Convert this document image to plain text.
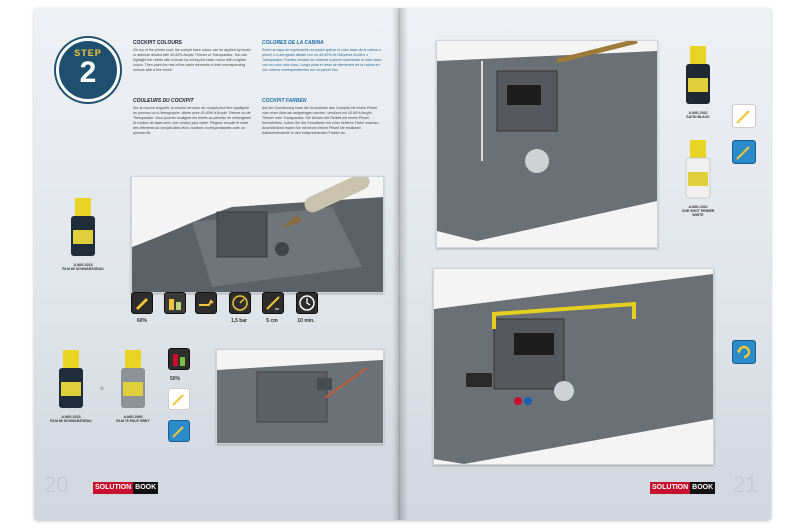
STEP
2
COCKPIT COLOURS
On top of the primer coat, the cockpit base colour can be applied by brush or airbrush diluted with 40-60% Acrylic Thinner or Transparator. You can highlight the reliefs with a brush by mixing the base colour with a lighter colour. Then paint the rest of the cabin elements in their corresponding colours with a fine brush.
COLORES DE LA CABINA
Sobre la capa de imprimación se podrá aplicar el color base de la cabina a pincel, o a aerógrafo diluido con un 40-60% de Diluyente Acrílico o Transparator. Puedes resaltar los relieves a pincel mezclando el color base con un color más claro. Luego pinta el resto de elementos de la cabina en sus colores correspondientes con un pincel fino.
COULEURS DU COCKPIT
Sur la couche d'apprêt, la couleur de base du cockpit peut être appliquée au pinceau ou à l'aérographe, diluée avec 40-60% d'Acrylic Thinner ou de Transparator. Vous pouvez souligner les reliefs au pinceau en mélangeant la couleur de base avec une couleur plus claire. Peignez ensuite le reste des éléments du cockpit dans leurs couleurs correspondantes avec un pinceau fin.
COCKPIT FARBEN
Auf die Grundierung kann die Grundfarbe des Cockpits mit einem Pinsel oder einer Airbrush aufgetragen werden, verdünnt mit 40-60% Acrylic Thinner oder Transparator. Sie können die Reliefs mit einem Pinsel hervorheben, indem Sie die Grundfarbe mit einer helleren Farbe mischen. Anschließend malen Sie mit einem feinen Pinsel die restlichen Kabinenelemente in den entsprechenden Farben an.
A.MIG-0218
RLM 66 SCHWARZGRAU
60%	1,5 bar	5 cm	10 min.
A.MIG-0218
RLM 66 SCHWARZGRAU
+
A.MIG-0060
RLM 76 PALE GREY
50%
A.MIG-2032
SATIN BLACK
A.MIG-2032
ONE SHOT PRIMER WHITE
20	SOLUTION BOOK	21
SOLUTION BOOK
